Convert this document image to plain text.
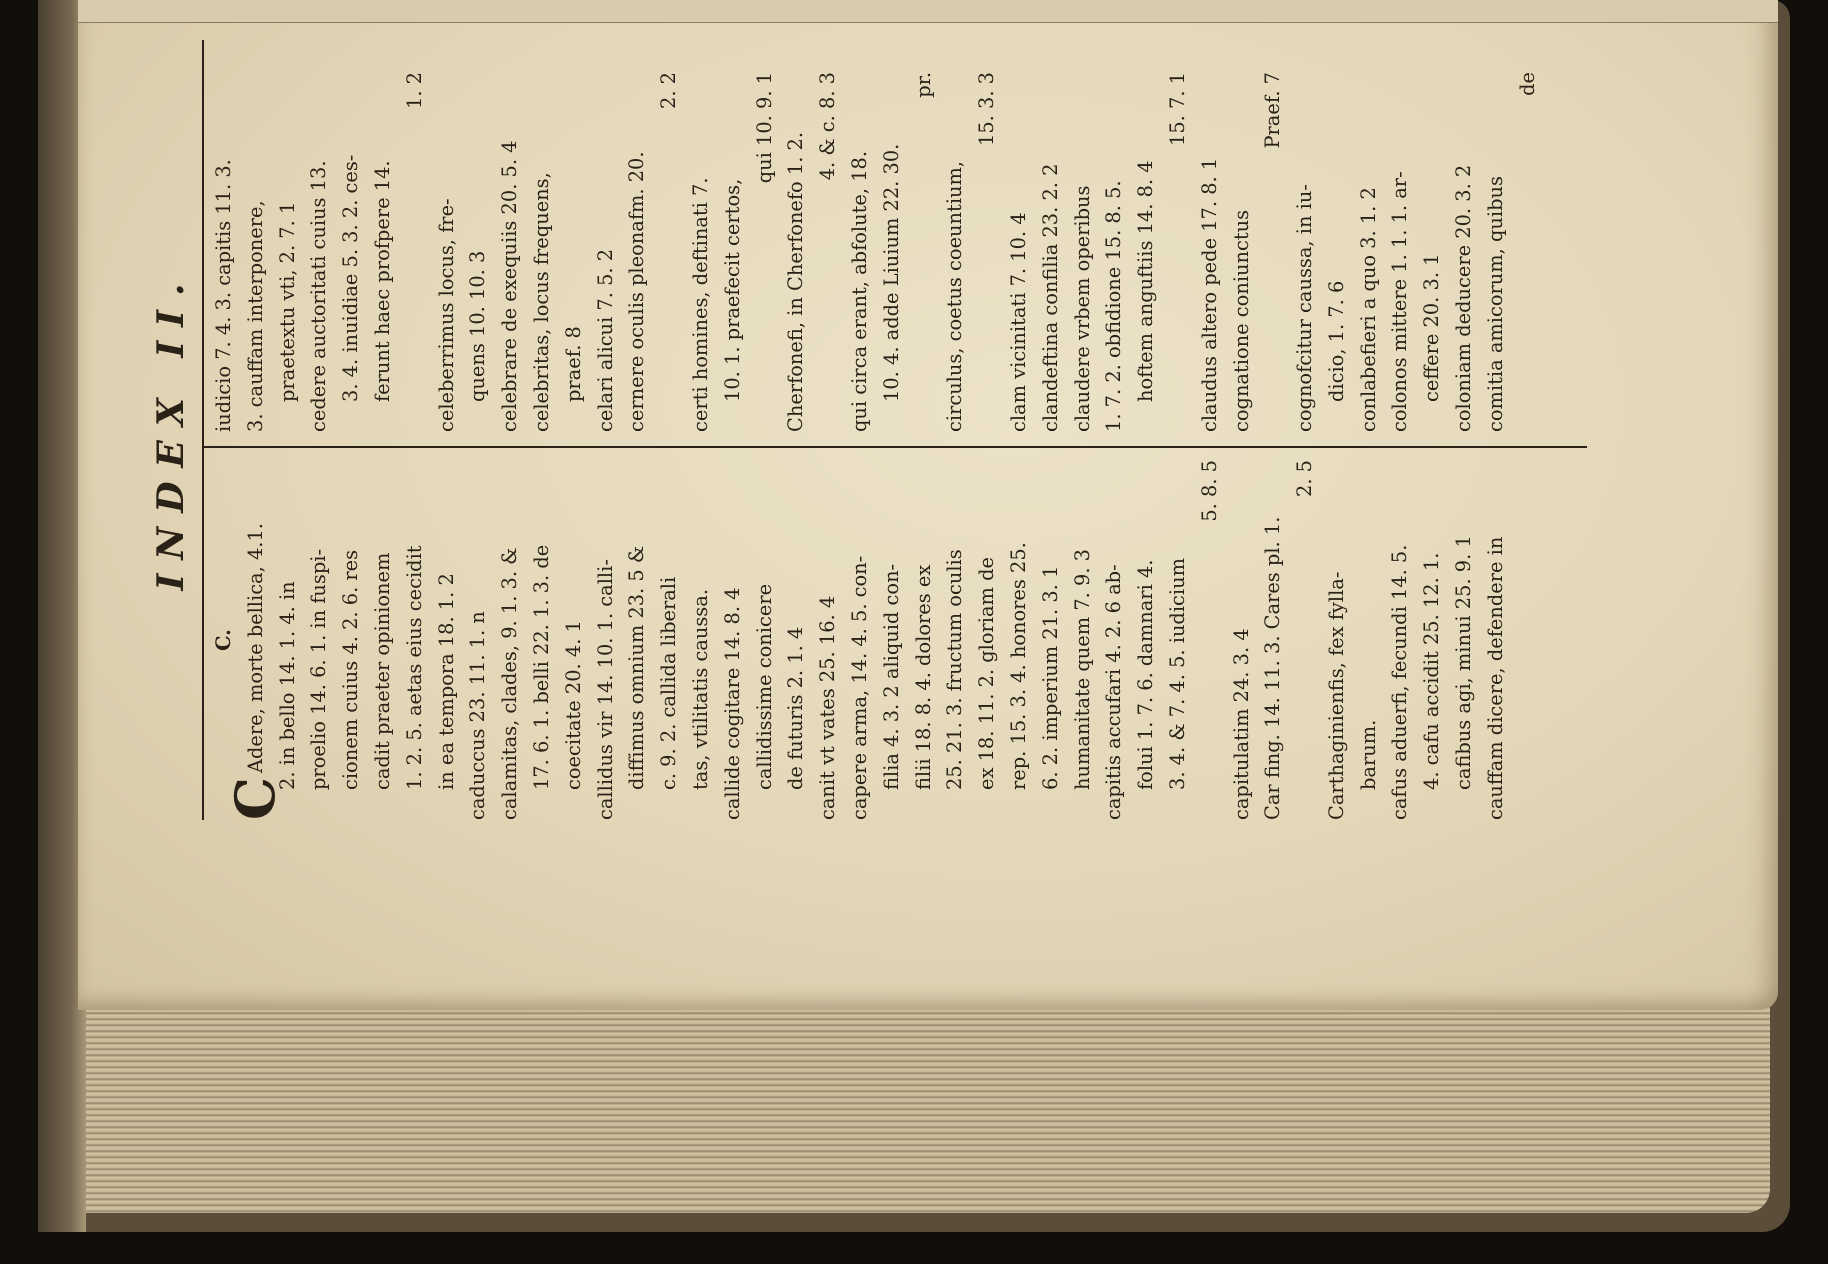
INDEX II.
C.
C
Adere, morte bellica, 4.1. 2. in bello 14. 1. 4. in proelio 14. 6. 1. in fuspi- cionem cuius 4. 2. 6. res cadit praeter opinionem 1. 2. 5. aetas eius cecidit in ea tempora 18. 1. 2 caduccus 23. 11. 1. n calamitas, clades, 9. 1. 3. & 17. 6. 1. belli 22. 1. 3. de coecitate 20. 4. 1 callidus vir 14. 10. 1. calli- diffimus omnium 23. 5 & c. 9. 2. callida liberali tas, vtilitatis caussa. callide cogitare 14. 8. 4 callidissime conicere de futuris 2. 1. 4 canit vt vates 25. 16. 4 capere arma, 14. 4. 5. con- filia 4. 3. 2 aliquid con- filii 18. 8. 4. dolores ex 25. 21. 3. fructum oculis ex 18. 11. 2. gloriam de rep. 15. 3. 4. honores 25. 6. 2. imperium 21. 3. 1 humanitate quem 7. 9. 3 capitis accufari 4. 2. 6 ab- folui 1. 7. 6. damnari 4. 3. 4. & 7. 4. 5. iudicium
5. 8. 5
capitulatim 24. 3. 4 Car fing. 14. 11. 3. Cares pl. 1.
2. 5
Carthaginienfis, fex fylla- barum. cafus aduerfi, fecundi 14. 5. 4. cafu accidit 25. 12. 1. cafibus agi, minui 25. 9. 1 cauffam dicere, defendere in
iudicio 7. 4. 3. capitis 11. 3. 3. cauffam interponere, praetextu vti, 2. 7. 1 cedere auctoritati cuius 13. 3. 4. inuidiae 5. 3. 2. ces- ferunt haec profpere 14.
1. 2
celeberrimus locus, fre- quens 10. 10. 3 celebrare de exequiis 20. 5. 4 celebritas, locus frequens, praef. 8 celari alicui 7. 5. 2 cernere oculis pleonafm. 20.
2. 2
certi homines, deftinati 7. 10. 1. praefecit certos,
qui 10. 9. 1
Cherfonefi, in Cherfonefo 1. 2.
4. & c. 8. 3
qui circa erant, abfolute, 18. 10. 4. adde Liuium 22. 30.
pr.
circulus, coetus coeuntium,
15. 3. 3
clam vicinitati 7. 10. 4 clandeftina confilia 23. 2. 2 claudere vrbem operibus 1. 7. 2. obfidione 15. 8. 5. hoftem anguftiis 14. 8. 4
15. 7. 1
claudus altero pede 17. 8. 1 cognatione coniunctus
Praef. 7
cognofcitur caussa, in iu- dicio, 1. 7. 6 conlabefieri a quo 3. 1. 2 colonos mittere 1. 1. 1. ar- ceffere 20. 3. 1 coloniam deducere 20. 3. 2 comitia amicorum, quibus
de
